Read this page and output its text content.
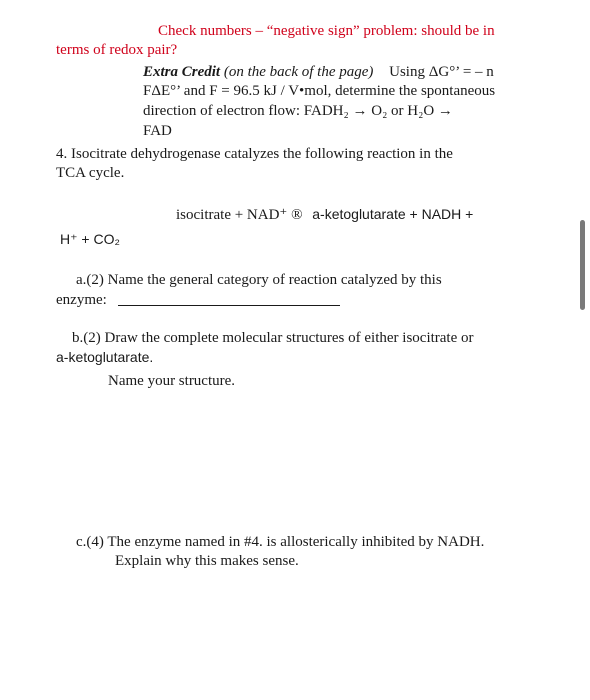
Check numbers – “negative sign” problem: should be in
terms of redox pair?
Extra Credit (on the back of the page) Using ΔG°’ = – n
FΔE°’ and F = 96.5 kJ / V•mol, determine the spontaneous
direction of electron flow: FADH₂ → O₂ or H₂O →
FAD
4. Isocitrate dehydrogenase catalyzes the following reaction in the
TCA cycle.
isocitrate + NAD⁺ ® a-ketoglutarate + NADH +
H⁺ + CO₂
a.(2) Name the general category of reaction catalyzed by this
enzyme:
b.(2) Draw the complete molecular structures of either isocitrate or
a-ketoglutarate.
Name your structure.
c.(4) The enzyme named in #4. is allosterically inhibited by NADH.
Explain why this makes sense.
